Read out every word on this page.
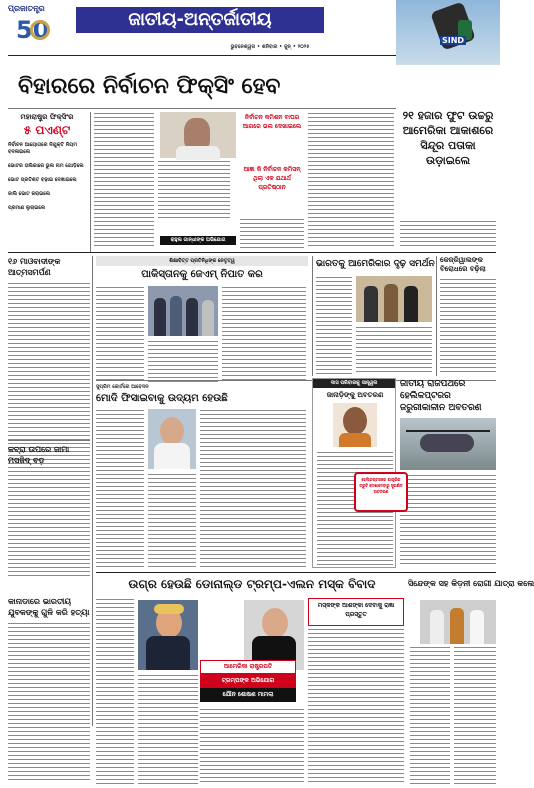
ପ୍ରଜାତନ୍ତ୍ର
50	ଜାତୀୟ-ଅନ୍ତର୍ଜାତୀୟ
ଭୁବନେଶ୍ୱର • ଶନିବାର • ଜୁନ୍ • ୨୦୨୫
SIND
ବିହାରରେ ନିର୍ବାଚନ ଫିକ୍ସିଂ ହେବ
ମହାରାଷ୍ଟ୍ର ଫିକ୍ସିଂର
୫ ପଏଣ୍ଟ
ନିର୍ବାଚନ ଆୟୋଗରେ ନିଯୁକ୍ତି ନିୟମ ବଦଳାଇଲେ
ଭୋଟର ତାଲିକାରେ ଭୁଲ ନାମ ଯୋଡ଼ିଲେ
ଭୋଟ ପ୍ରତିଶତ ବଢ଼ାଇ ଦେଖାଇଲେ
ଜାଲି ଭୋଟ କରାଇଲେ
ପ୍ରମାଣ ଲୁଚାଇଲେ
ରାହୁଲ ଗାନ୍ଧୀଙ୍କ ଅଭିଯୋଗ
ନିର୍ବାଚନ କମିଶନ ବାଘର ଆଗରେ ଭଲ ଦେଖାଇଲେ
ଆଜ୍ଞା କି ନିର୍ବାଚନ କମିସନ୍ ଥିଲା ଏକ ଯଥାର୍ଥ ପ୍ରତିଷ୍ଠାନ
୨୧ ହଜାର ଫୁଟ ଉଚ୍ଚରୁ ଆମେରିକା ଆକାଶରେ ସିନ୍ଦୂର ପତାକା ଉଡ଼ାଇଲେ
୧୬ ମାଓବାଦୀଙ୍କ ଆତ୍ମସମର୍ପଣ
ଶିକ୍ଷାବିତ୍ତ ପ୍ରତିନିଧିଙ୍କ ନେତୃତ୍ୱ
ପାକିସ୍ତାନକୁ ଜେଏମ୍ ନିପାତ କର
ଭାରତକୁ ଆମେରିକାର ଦୃଢ଼ ସମର୍ଥନ କେଜ୍ରିୱାଲଙ୍କ ବିରୋଧରେ ବଢ଼ିଲା
ସୁପ୍ରିମ କୋର୍ଟରେ ଆବେଦନ
ମୋଦି ଫିସାଇବାକୁ ଉଦ୍ୟମ ହେଉଛି
ଦାସ ପରିବାରକୁ ସାନ୍ତ୍ୱନା
ଜାନାଡ଼ିଙ୍କୁ ଅବତରଣ
ଜାତୀୟ ରାଜପଥରେ ହେଲିକପ୍ଟରର ଜରୁରୀକାଳୀନ ଅବତରଣ
ହେଲିକପ୍ଟରରେ ଯାନ୍ତ୍ରିକ ତ୍ରୁଟି ଦେଖାଦେବାରୁ ସୁରକ୍ଷିତ ଅବତରଣ
କବ୍ରା ଉପରେ ଜାମା ମସଜିଦ୍ ବଡ଼
ଉଗ୍ର ହେଉଛି ଡୋନାଲ୍ଡ ଟ୍ରମ୍ପ-ଏଲନ ମସ୍କ ବିବାଦ	ସିନ୍ଦେଙ୍କ ସହ କିଡ଼ନୀ ରୋଗୀ ଯାତ୍ରା କଲେ
କାନାଡାରେ ଭାରତୀୟ ଯୁବକଙ୍କୁ ଗୁଳି କରି ହତ୍ୟା
ଆମେରିକା ରାଷ୍ଟ୍ରପତି
ଟ୍ରମ୍ପଙ୍କ ଅଭିଯୋଗ
ଯୌନ ଶୋଷଣ ମାମଲା
ମସ୍କଙ୍କ ଆଶଙ୍କା ଦେବାକୁ ରାଜ୍ଞା ପ୍ରସ୍ତୁତ
